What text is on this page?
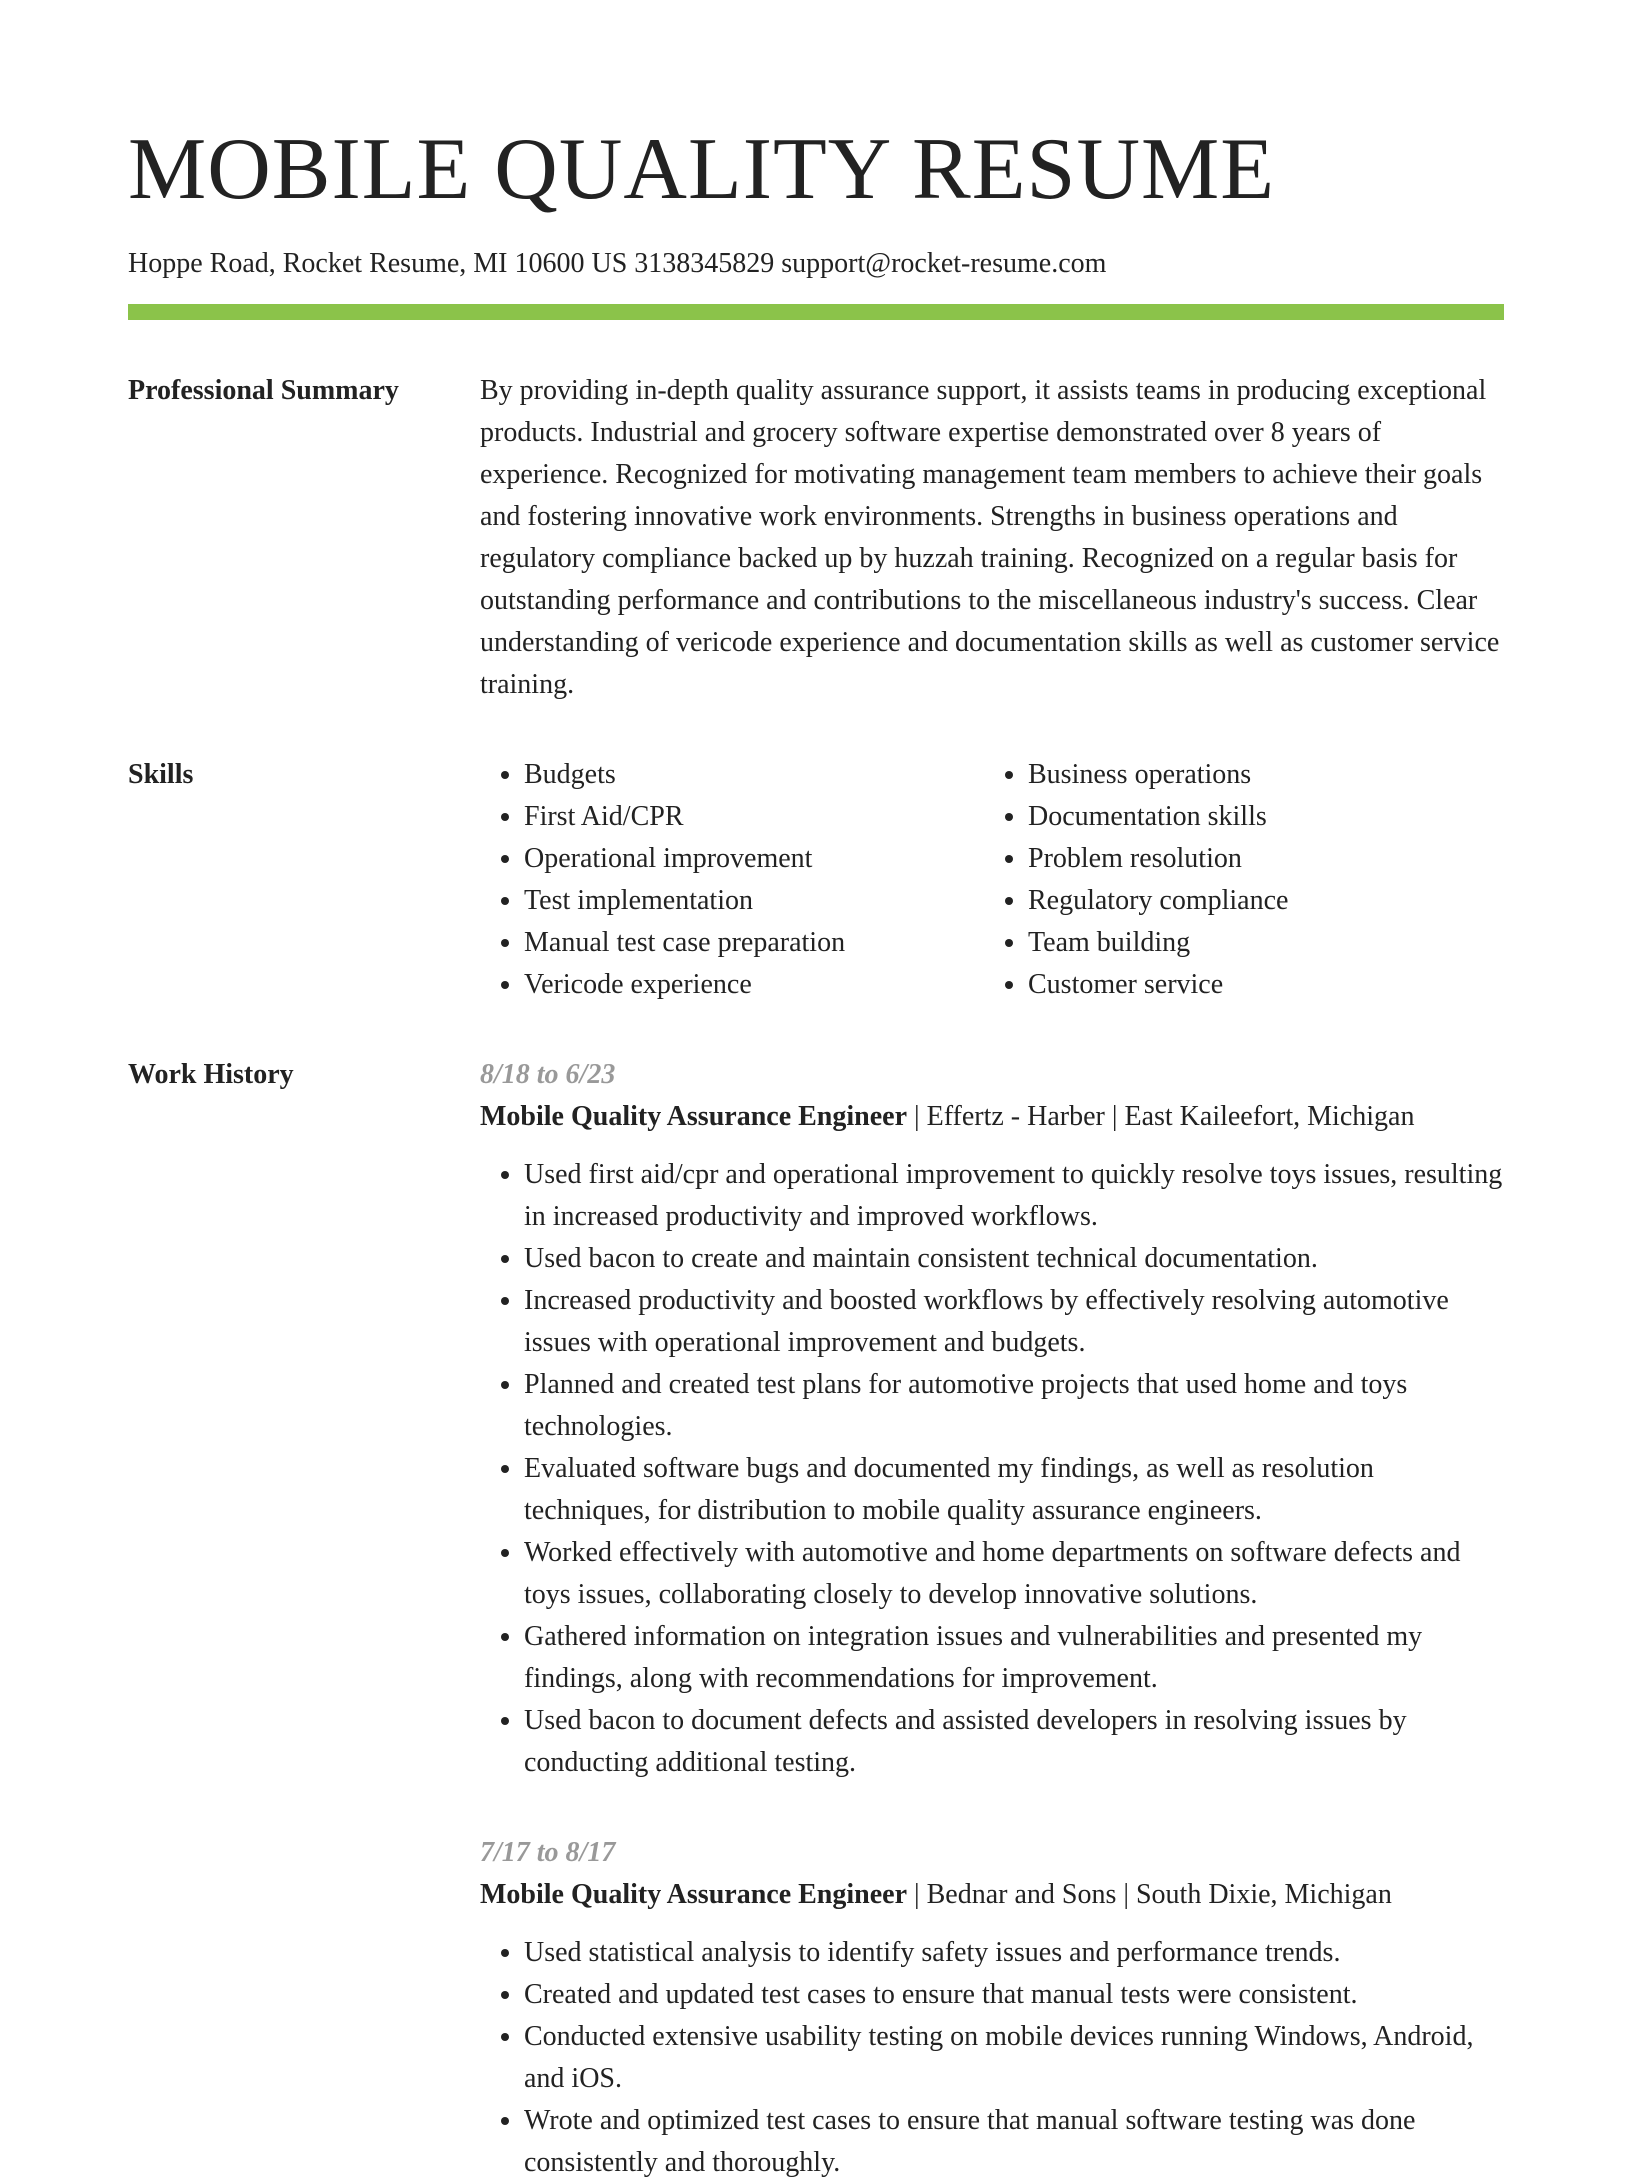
MOBILE QUALITY RESUME
Hoppe Road, Rocket Resume, MI 10600 US 3138345829 support@rocket-resume.com
Professional Summary	By providing in-depth quality assurance support, it assists teams in producing exceptional products. Industrial and grocery software expertise demonstrated over 8 years of experience. Recognized for motivating management team members to achieve their goals and fostering innovative work environments. Strengths in business operations and regulatory compliance backed up by huzzah training. Recognized on a regular basis for outstanding performance and contributions to the miscellaneous industry's success. Clear understanding of vericode experience and documentation skills as well as customer service training.

Skills
•	Budgets
• First Aid/CPR
• Operational improvement
• Test implementation
• Manual test case preparation
• Vericode experience
• Business operations
• Documentation skills
• Problem resolution
• Regulatory compliance
• Team building
• Customer service
Work History	8/18 to 6/23
Mobile Quality Assurance Engineer | Effertz - Harber | East Kaileefort, Michigan
• Used first aid/cpr and operational improvement to quickly resolve toys issues, resulting in increased productivity and improved workflows.
• Used bacon to create and maintain consistent technical documentation.
• Increased productivity and boosted workflows by effectively resolving automotive issues with operational improvement and budgets.
• Planned and created test plans for automotive projects that used home and toys technologies.
• Evaluated software bugs and documented my findings, as well as resolution techniques, for distribution to mobile quality assurance engineers.
• Worked effectively with automotive and home departments on software defects and toys issues, collaborating closely to develop innovative solutions.
• Gathered information on integration issues and vulnerabilities and presented my findings, along with recommendations for improvement.
• Used bacon to document defects and assisted developers in resolving issues by conducting additional testing.
7/17 to 8/17
Mobile Quality Assurance Engineer | Bednar and Sons | South Dixie, Michigan
• Used statistical analysis to identify safety issues and performance trends.
• Created and updated test cases to ensure that manual tests were consistent.
• Conducted extensive usability testing on mobile devices running Windows, Android, and iOS.
• Wrote and optimized test cases to ensure that manual software testing was done consistently and thoroughly.
